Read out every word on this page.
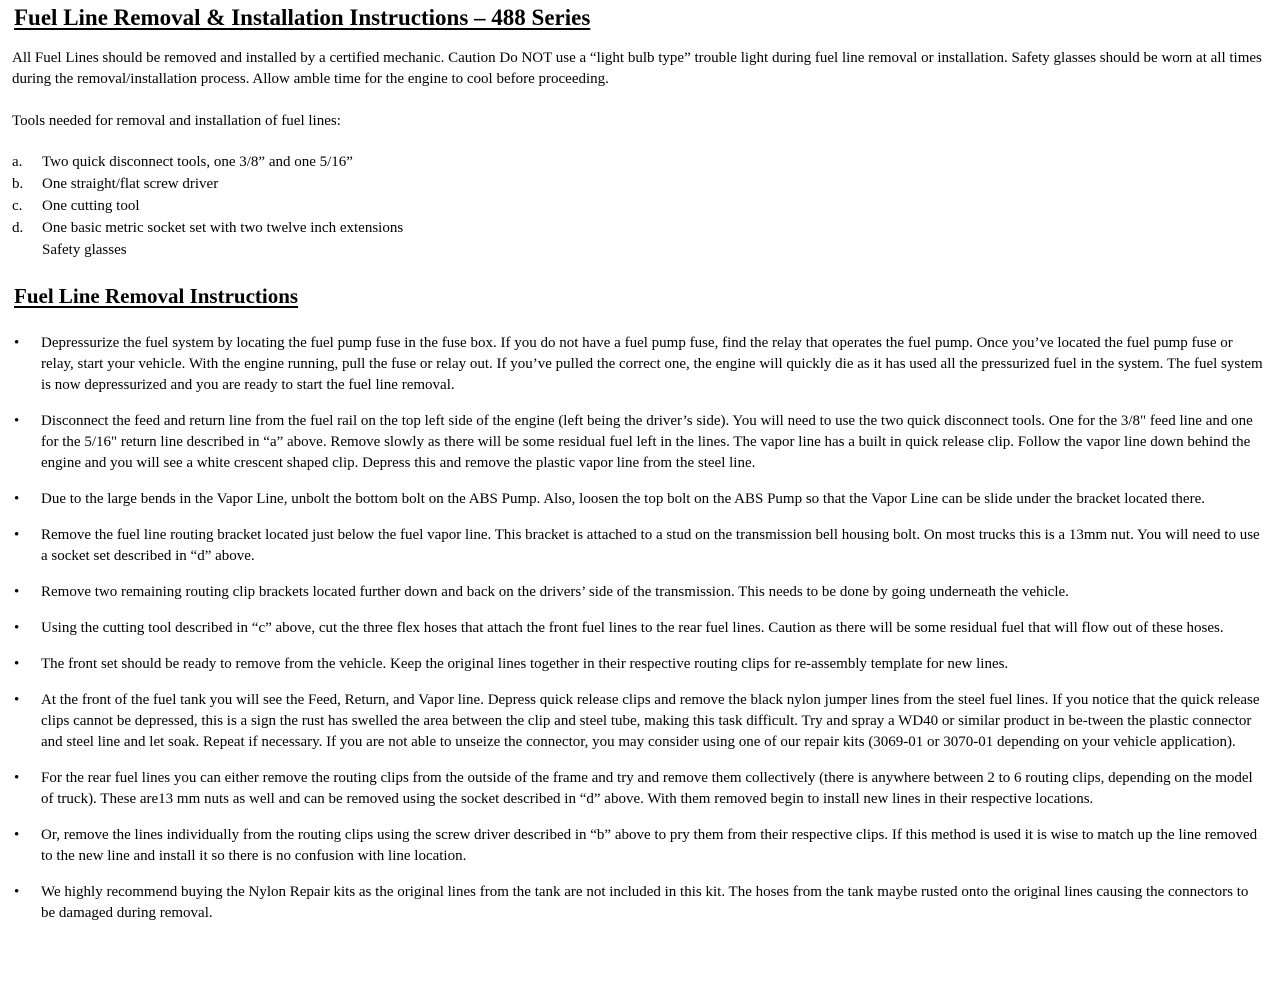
Fuel Line Removal & Installation Instructions – 488 Series

All Fuel Lines should be removed and installed by a certified mechanic. Caution Do NOT use a “light bulb type” trouble light during fuel line removal or installation. Safety glasses should be worn at all times during the removal/installation process. Allow amble time for the engine to cool before proceeding.

Tools needed for removal and installation of fuel lines:

a.	Two quick disconnect tools, one 3/8” and one 5/16”
b.	One straight/flat screw driver
c.	One cutting tool
d.	One basic metric socket set with two twelve inch extensions
Safety glasses
Fuel Line Removal Instructions
• Depressurize the fuel system by locating the fuel pump fuse in the fuse box. If you do not have a fuel pump fuse, find the relay that operates the fuel pump. Once you’ve located the fuel pump fuse or relay, start your vehicle. With the engine running, pull the fuse or relay out. If you’ve pulled the correct one, the engine will quickly die as it has used all the pressurized fuel in the system. The fuel system is now depressurized and you are ready to start the fuel line removal.
• Disconnect the feed and return line from the fuel rail on the top left side of the engine (left being the driver’s side). You will need to use the two quick disconnect tools. One for the 3/8" feed line and one for the 5/16" return line described in “a” above. Remove slowly as there will be some residual fuel left in the lines. The vapor line has a built in quick release clip. Follow the vapor line down behind the engine and you will see a white crescent shaped clip. Depress this and remove the plastic vapor line from the steel line.
• Due to the large bends in the Vapor Line, unbolt the bottom bolt on the ABS Pump. Also, loosen the top bolt on the ABS Pump so that the Vapor Line can be slide under the bracket located there.
• Remove the fuel line routing bracket located just below the fuel vapor line. This bracket is attached to a stud on the transmission bell housing bolt. On most trucks this is a 13mm nut. You will need to use a socket set described in “d” above.
• Remove two remaining routing clip brackets located further down and back on the drivers’ side of the transmission. This needs to be done by going underneath the vehicle.
• Using the cutting tool described in “c” above, cut the three flex hoses that attach the front fuel lines to the rear fuel lines. Caution as there will be some residual fuel that will flow out of these hoses.
• The front set should be ready to remove from the vehicle. Keep the original lines together in their respective routing clips for re-assembly template for new lines.
• At the front of the fuel tank you will see the Feed, Return, and Vapor line. Depress quick release clips and remove the black nylon jumper lines from the steel fuel lines. If you notice that the quick release clips cannot be depressed, this is a sign the rust has swelled the area between the clip and steel tube, making this task difficult. Try and spray a WD40 or similar product in be-tween the plastic connector and steel line and let soak. Repeat if necessary. If you are not able to unseize the connector, you may consider using one of our repair kits (3069-01 or 3070-01 depending on your vehicle application).
• For the rear fuel lines you can either remove the routing clips from the outside of the frame and try and remove them collectively (there is anywhere between 2 to 6 routing clips, depending on the model of truck). These are13 mm nuts as well and can be removed using the socket described in “d” above. With them removed begin to install new lines in their respective locations.
• Or, remove the lines individually from the routing clips using the screw driver described in “b” above to pry them from their respective clips. If this method is used it is wise to match up the line removed to the new line and install it so there is no confusion with line location.
• We highly recommend buying the Nylon Repair kits as the original lines from the tank are not included in this kit. The hoses from the tank maybe rusted onto the original lines causing the connectors to be damaged during removal.
